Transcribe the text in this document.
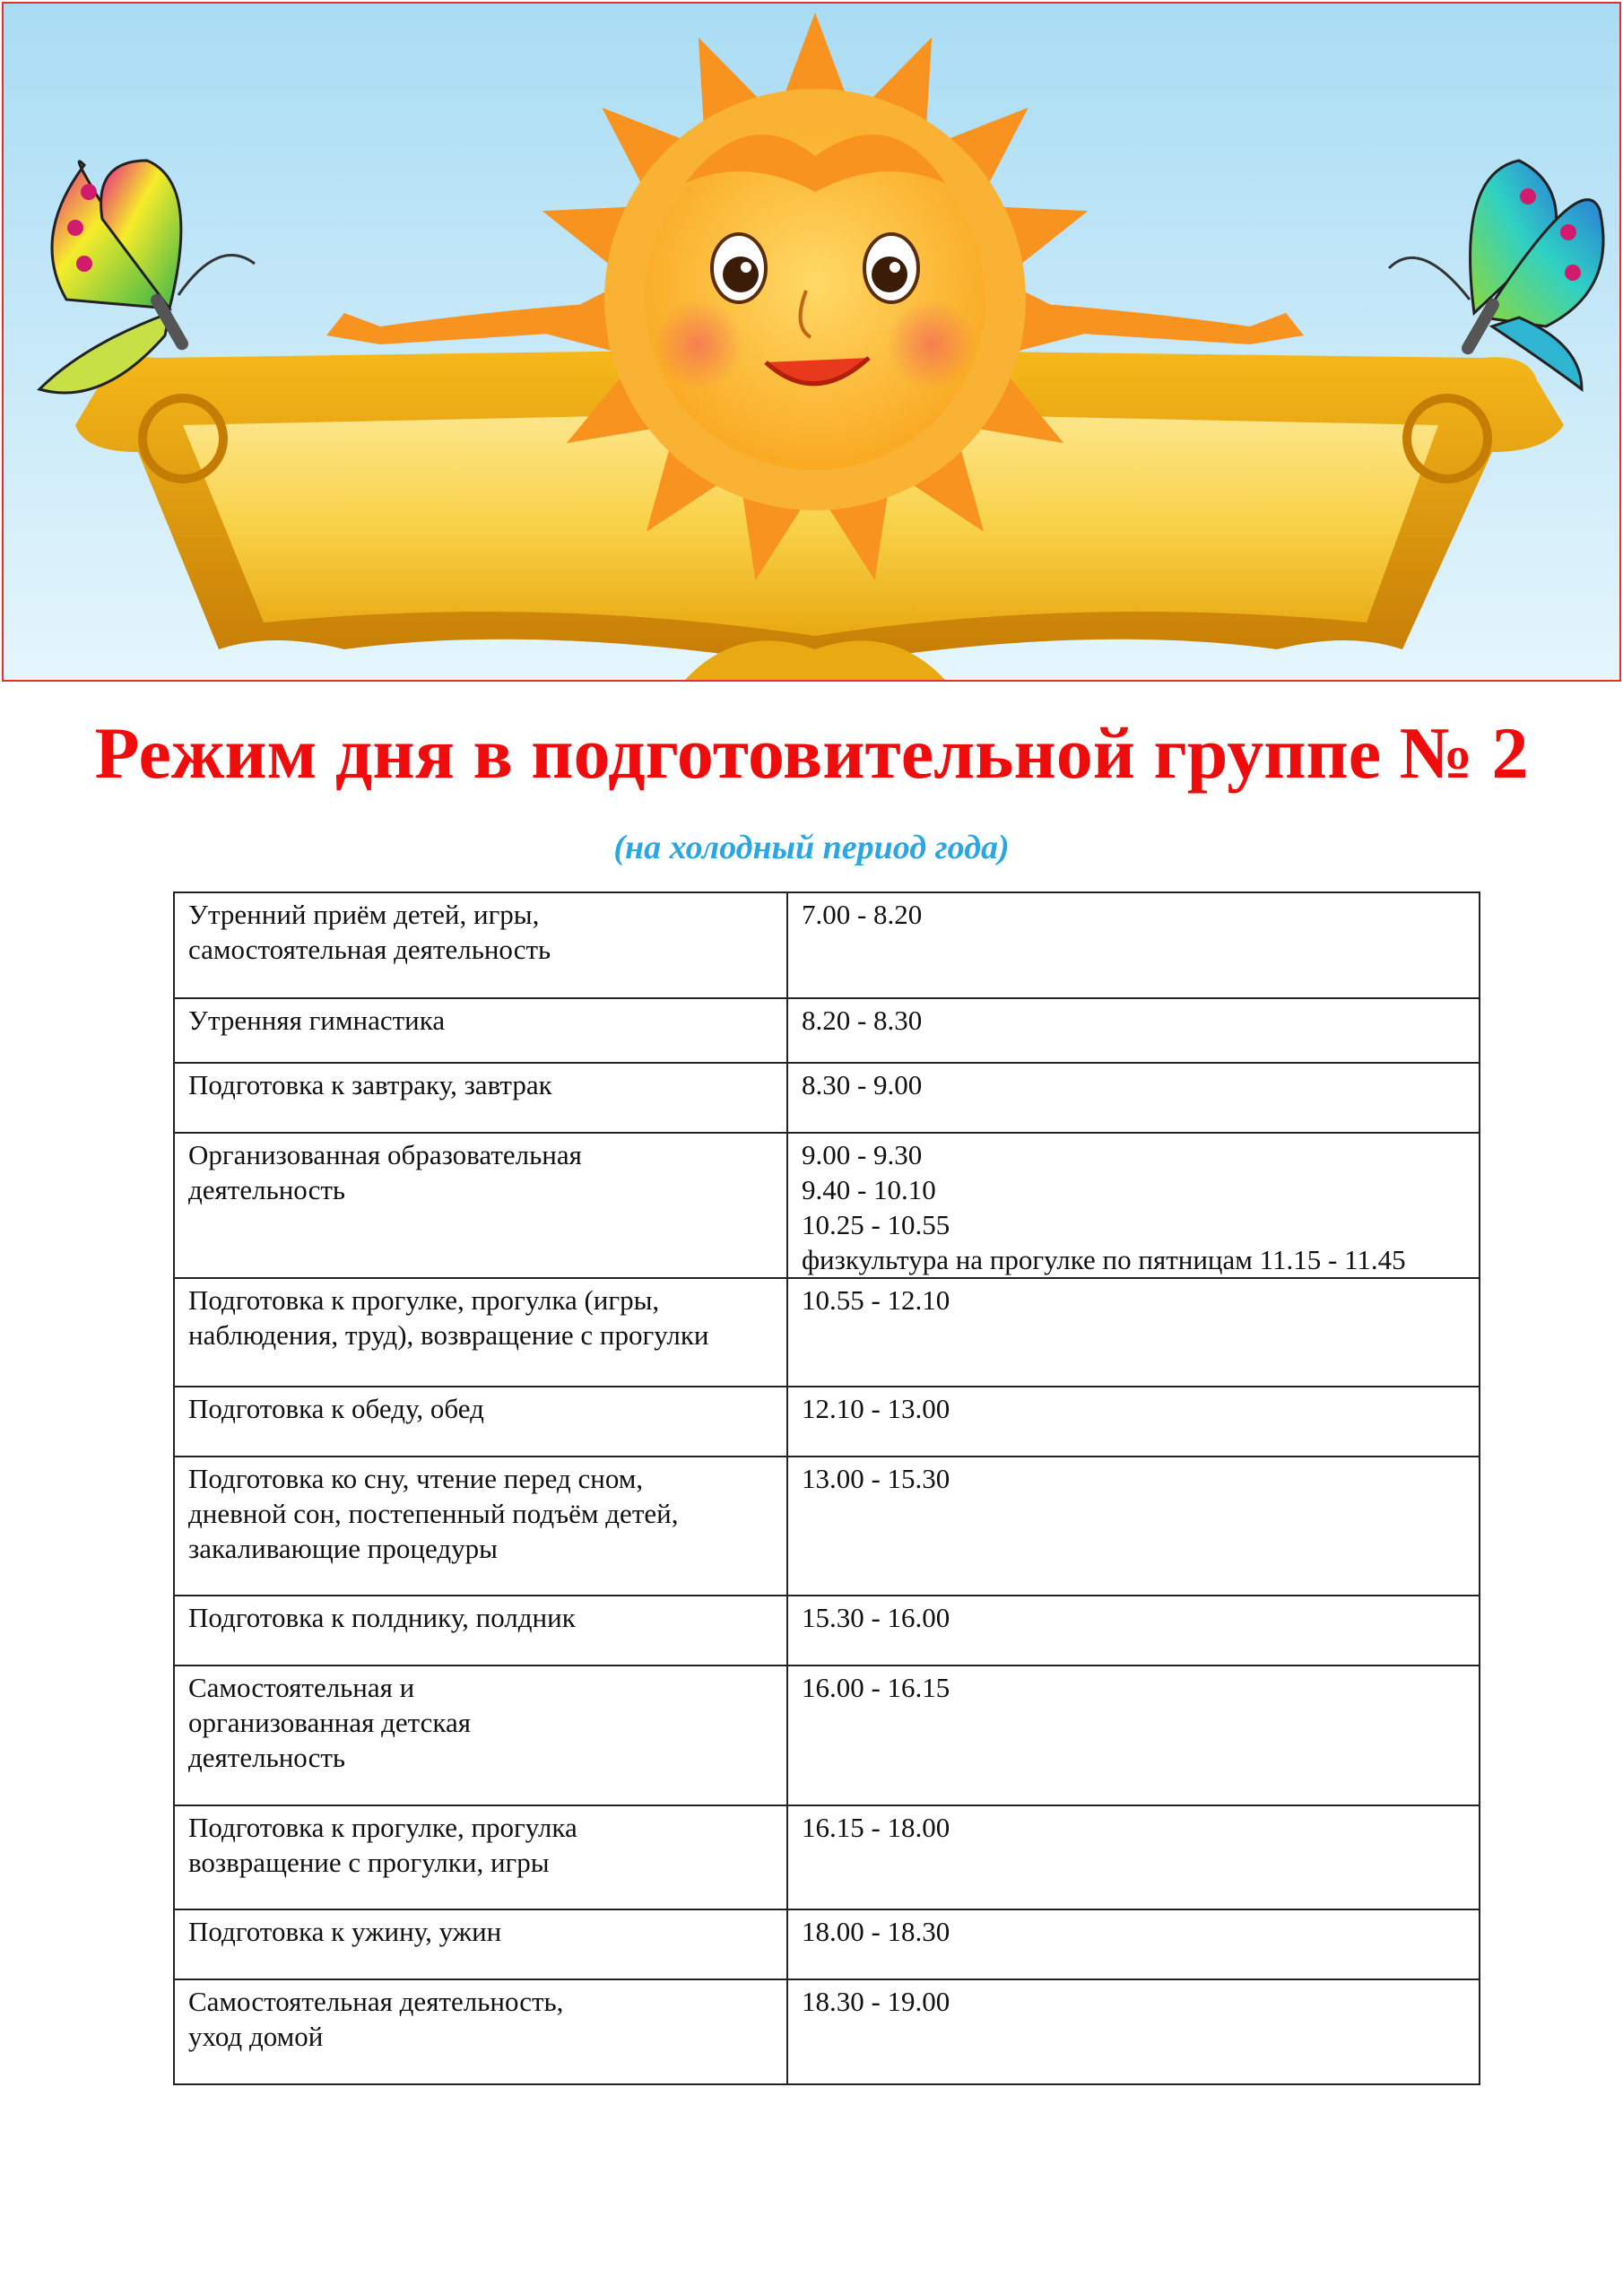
Режим дня в подготовительной группе № 2

(на холодный период года)

Утренний приём детей, игры,
самостоятельная деятельность	7.00 - 8.20

Утренняя гимнастика	8.20 - 8.30

Подготовка к завтраку, завтрак	8.30 - 9.00

Организованная образовательная
деятельность	9.00 - 9.30
9.40 - 10.10
10.25 - 10.55
физкультура на прогулке по пятницам 11.15 - 11.45

Подготовка к прогулке, прогулка (игры,
наблюдения, труд), возвращение с прогулки	10.55 - 12.10

Подготовка к обеду, обед	12.10 - 13.00

Подготовка ко сну, чтение перед сном,
дневной сон, постепенный подъём детей,
закаливающие процедуры	13.00 - 15.30

Подготовка к полднику, полдник	15.30 - 16.00

Самостоятельная и
организованная детская
деятельность	16.00 - 16.15

Подготовка к прогулке, прогулка
возвращение с прогулки, игры	16.15 - 18.00

Подготовка к ужину, ужин	18.00 - 18.30

Самостоятельная деятельность,
уход домой	18.30 - 19.00
